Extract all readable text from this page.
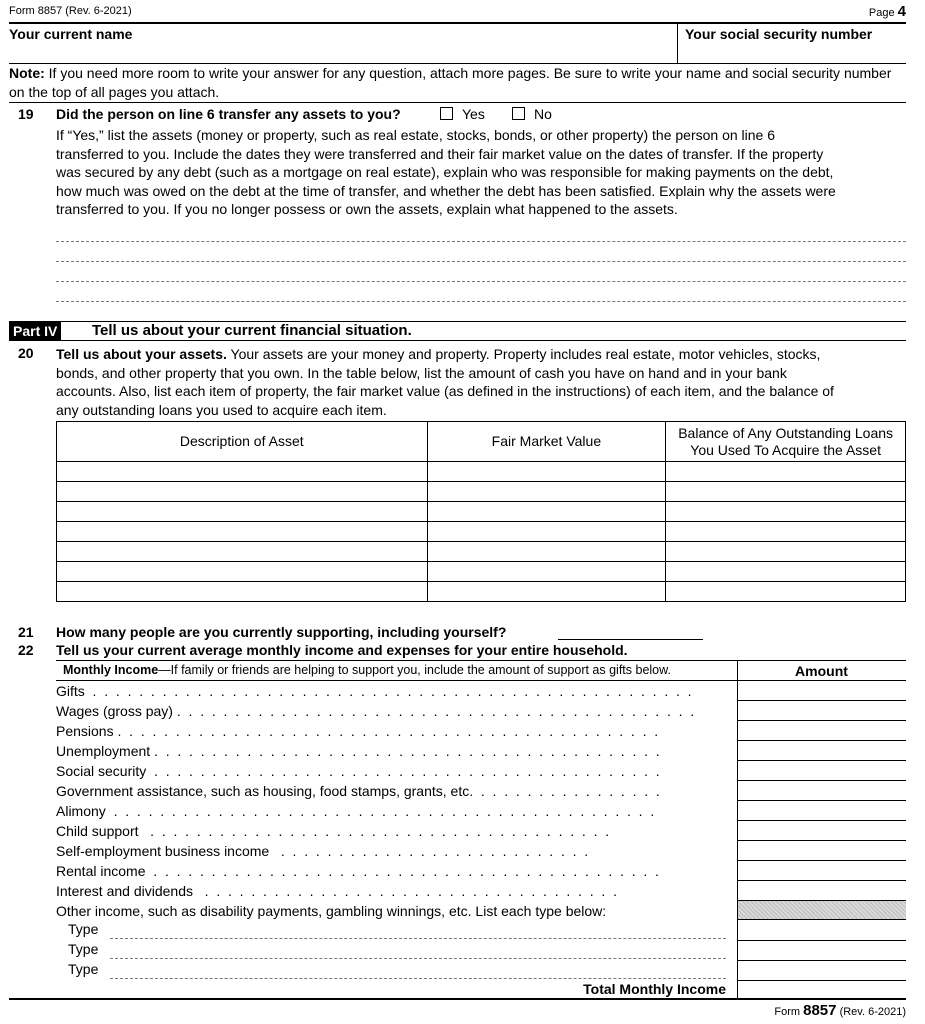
Form 8857 (Rev. 6-2021)	Page 4
Your current name	Your social security number
Note: If you need more room to write your answer for any question, attach more pages. Be sure to write your name and social security number on the top of all pages you attach.
19 Did the person on line 6 transfer any assets to you?	Yes	No
If “Yes,” list the assets (money or property, such as real estate, stocks, bonds, or other property) the person on line 6
transferred to you. Include the dates they were transferred and their fair market value on the dates of transfer. If the property
was secured by any debt (such as a mortgage on real estate), explain who was responsible for making payments on the debt,
how much was owed on the debt at the time of transfer, and whether the debt has been satisfied. Explain why the assets were
transferred to you. If you no longer possess or own the assets, explain what happened to the assets.
Part IV Tell us about your current financial situation.
20 Tell us about your assets. Your assets are your money and property. Property includes real estate, motor vehicles, stocks,
bonds, and other property that you own. In the table below, list the amount of cash you have on hand and in your bank
accounts. Also, list each item of property, the fair market value (as defined in the instructions) of each item, and the balance of
any outstanding loans you used to acquire each item.
Description of Asset	Fair Market Value	Balance of Any Outstanding Loans
You Used To Acquire the Asset

21 How many people are you currently supporting, including yourself?
22 Tell us your current average monthly income and expenses for your entire household.
Monthly Income—If family or friends are helping to support you, include the amount of support as gifts below.	Amount
Gifts  .  .  .  .  .  .  .  .  .  .  .  .  .  .  .  .  .  .  .  .  .  .  .  .  .  .  .  .  .  .  .  .  .  .  .  .  .  .  .  .  .  .  .  .  .  .  .  .  .  .  .  .
Wages (gross pay) .  .  .  .  .  .  .  .  .  .  .  .  .  .  .  .  .  .  .  .  .  .  .  .  .  .  .  .  .  .  .  .  .  .  .  .  .  .  .  .  .  .  .  .  .
Pensions .  .  .  .  .  .  .  .  .  .  .  .  .  .  .  .  .  .  .  .  .  .  .  .  .  .  .  .  .  .  .  .  .  .  .  .  .  .  .  .  .  .  .  .  .  .  .
Unemployment .  .  .  .  .  .  .  .  .  .  .  .  .  .  .  .  .  .  .  .  .  .  .  .  .  .  .  .  .  .  .  .  .  .  .  .  .  .  .  .  .  .  .  .
Social security  .  .  .  .  .  .  .  .  .  .  .  .  .  .  .  .  .  .  .  .  .  .  .  .  .  .  .  .  .  .  .  .  .  .  .  .  .  .  .  .  .  .  .  .
Government assistance, such as housing, food stamps, grants, etc.  .  .  .  .  .  .  .  .  .  .  .  .  .  .  .  .
Alimony  .  .  .  .  .  .  .  .  .  .  .  .  .  .  .  .  .  .  .  .  .  .  .  .  .  .  .  .  .  .  .  .  .  .  .  .  .  .  .  .  .  .  .  .  .  .  .
Child support   .  .  .  .  .  .  .  .  .  .  .  .  .  .  .  .  .  .  .  .  .  .  .  .  .  .  .  .  .  .  .  .  .  .  .  .  .  .  .  .
Self-employment business income   .  .  .  .  .  .  .  .  .  .  .  .  .  .  .  .  .  .  .  .  .  .  .  .  .  .  .
Rental income  .  .  .  .  .  .  .  .  .  .  .  .  .  .  .  .  .  .  .  .  .  .  .  .  .  .  .  .  .  .  .  .  .  .  .  .  .  .  .  .  .  .  .  .
Interest and dividends   .  .  .  .  .  .  .  .  .  .  .  .  .  .  .  .  .  .  .  .  .  .  .  .  .  .  .  .  .  .  .  .  .  .  .  .
Other income, such as disability payments, gambling winnings, etc. List each type below:
Type
Type
Type
Total Monthly Income
Form 8857 (Rev. 6-2021)
